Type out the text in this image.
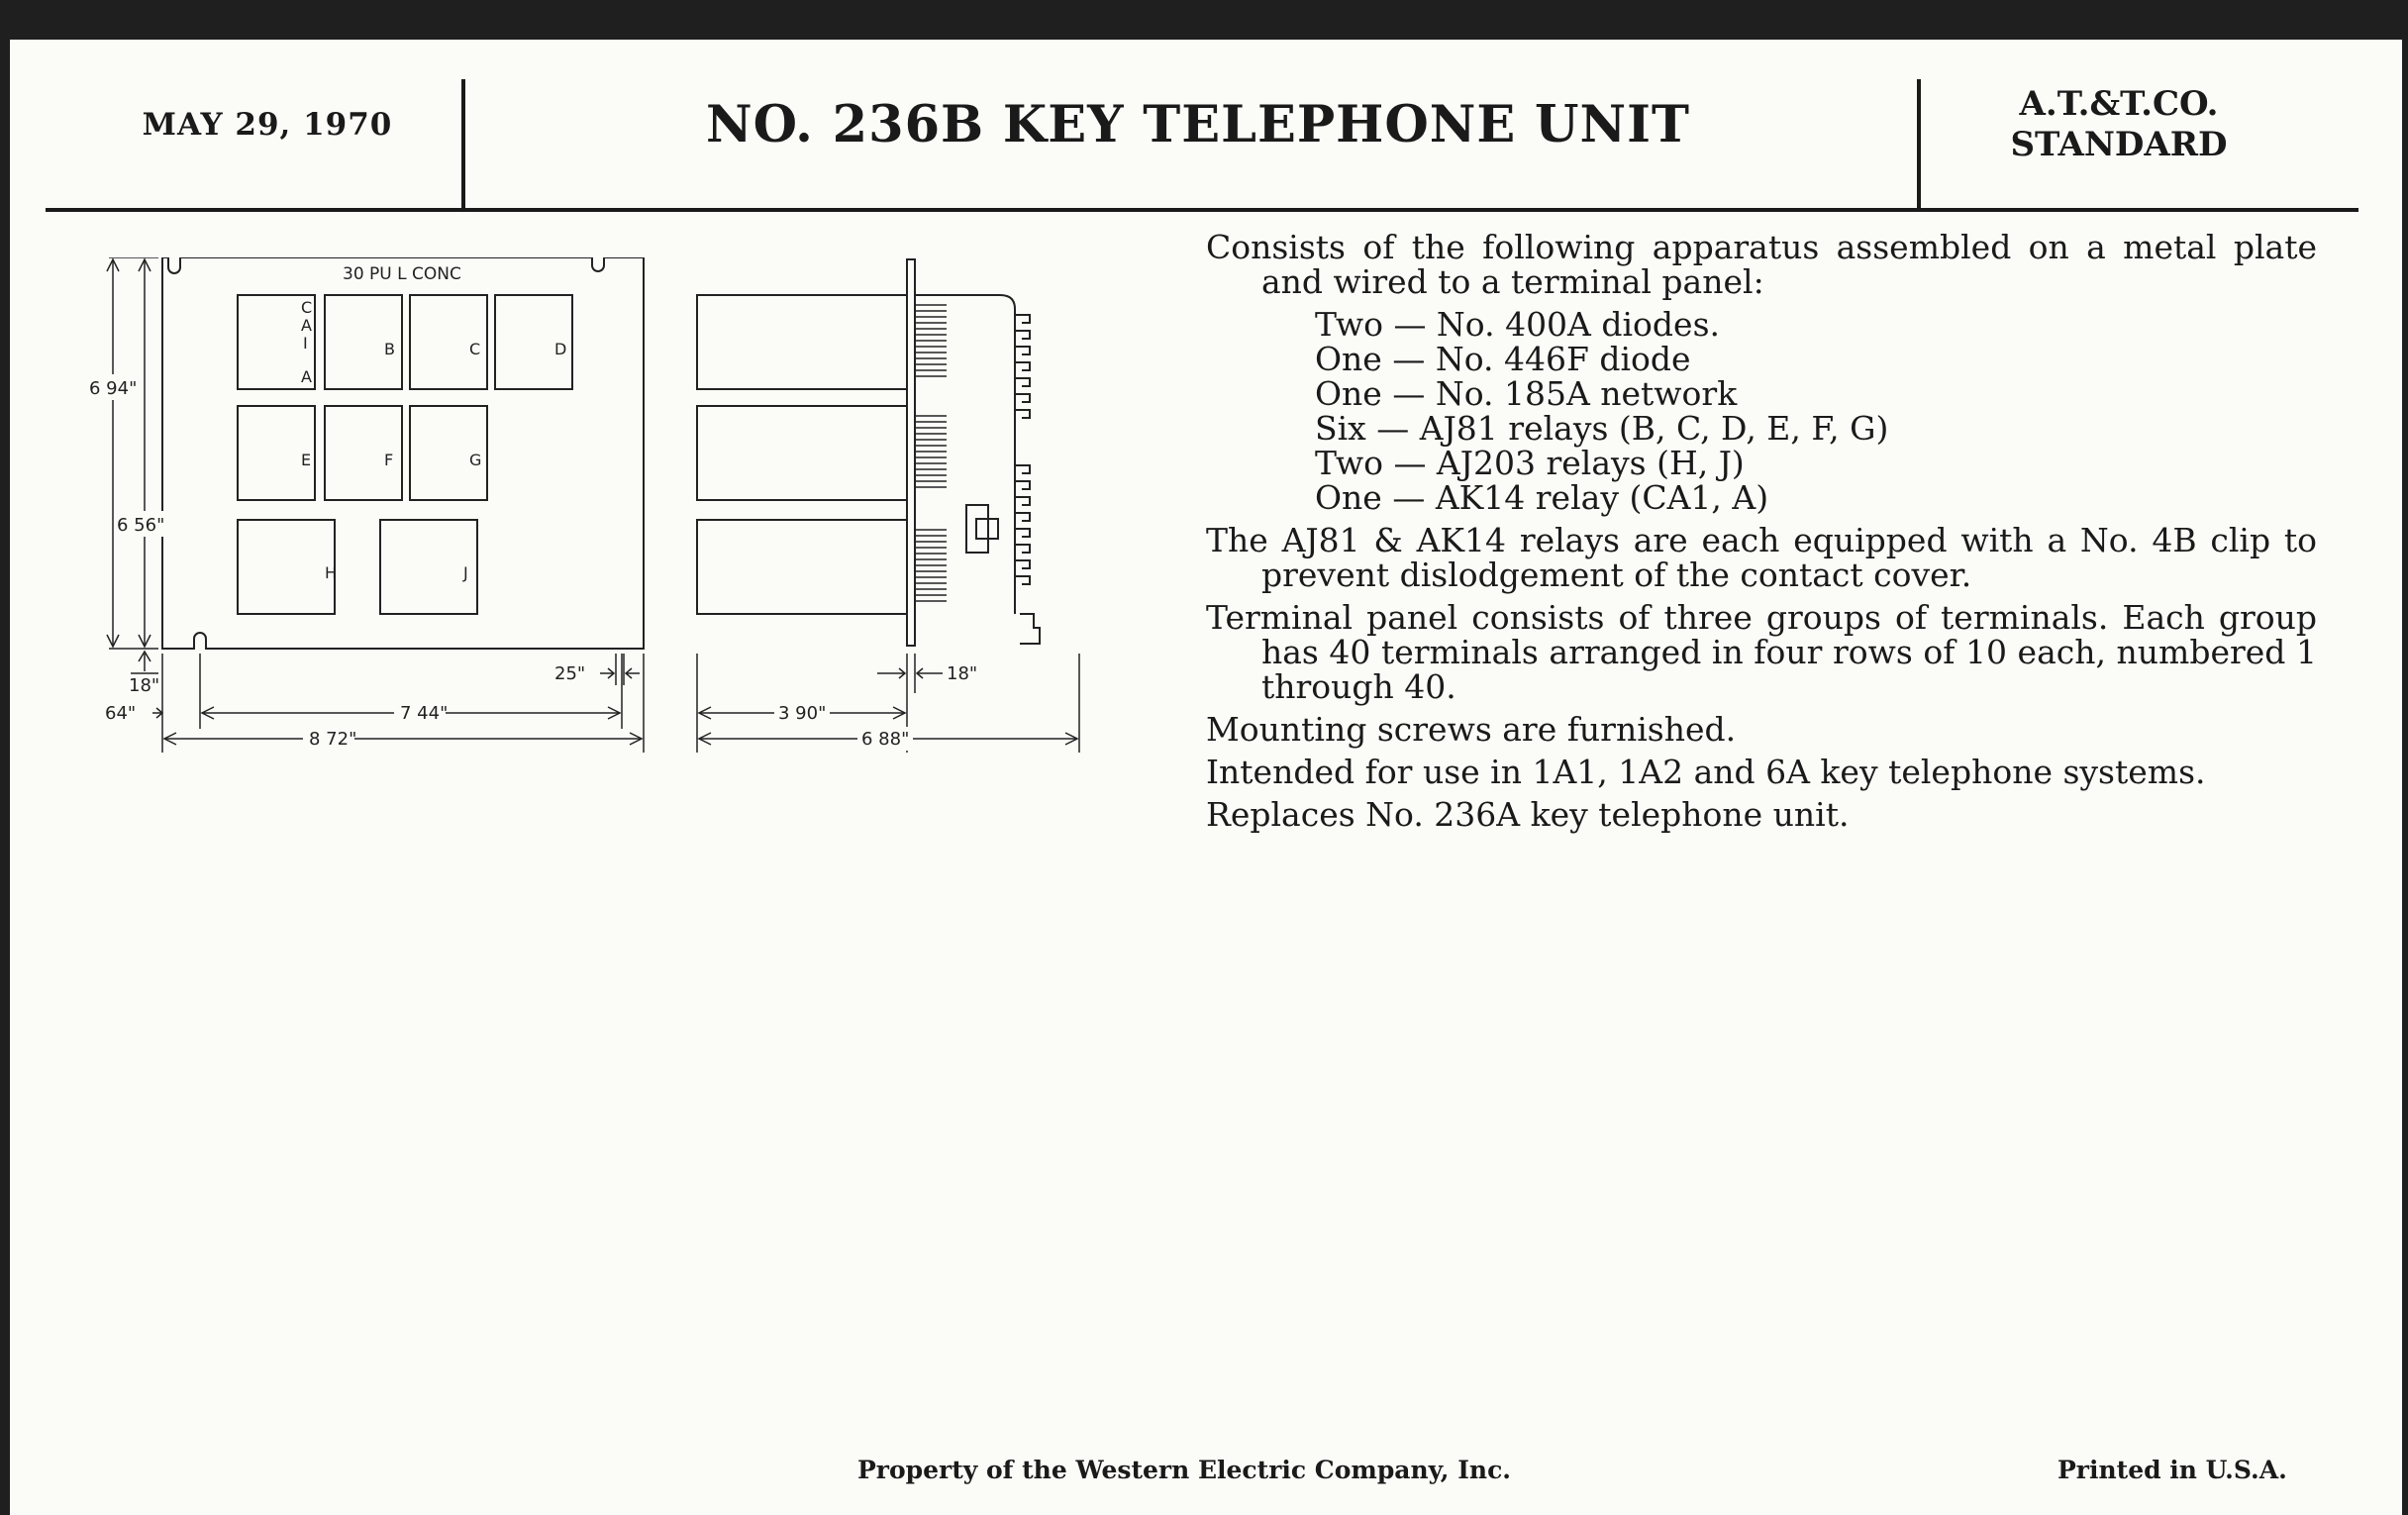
MAY 29, 1970	NO. 236B KEY TELEPHONE UNIT	A.T.&T.CO.
STANDARD
30 PU L CONC
C A I A
B	C	D
E	F	G
H	J
6 94"
6 56"
18"
64"	7 44"
8 72"
25"
3 90"
6 88"
18"
Consists of the following apparatus assembled on a metal plate and wired to a terminal panel:
Two — No. 400A diodes.
One — No. 446F diode
One — No. 185A network
Six — AJ81 relays (B, C, D, E, F, G)
Two — AJ203 relays (H, J)
One — AK14 relay (CA1, A)
The AJ81 & AK14 relays are each equipped with a No. 4B clip to prevent dislodgement of the contact cover.
Terminal panel consists of three groups of terminals. Each group has 40 terminals arranged in four rows of 10 each, numbered 1 through 40.
Mounting screws are furnished.
Intended for use in 1A1, 1A2 and 6A key telephone systems.
Replaces No. 236A key telephone unit.
Property of the Western Electric Company, Inc.	Printed in U.S.A.
